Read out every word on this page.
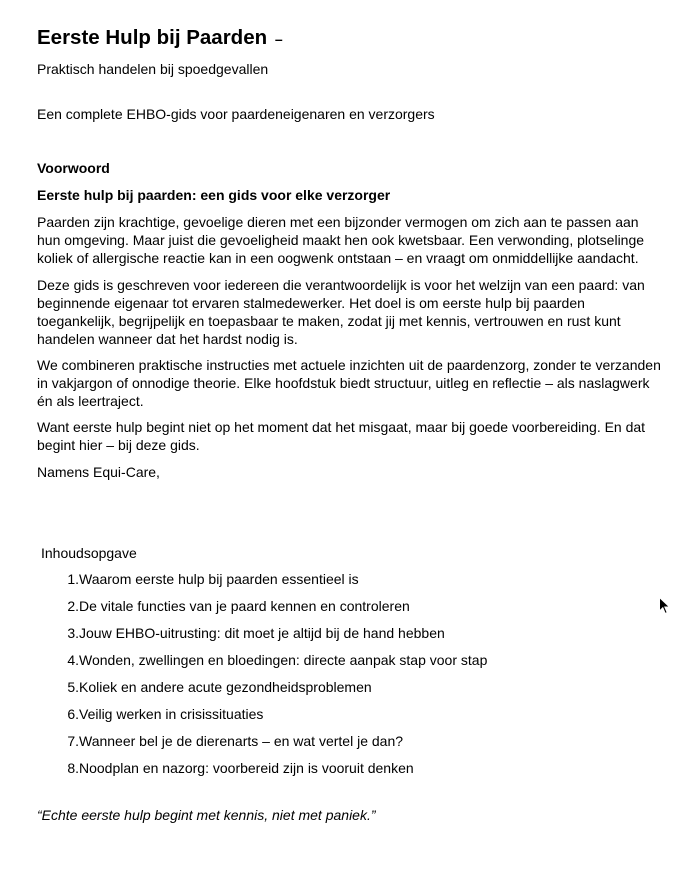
Eerste Hulp bij Paarden –
Praktisch handelen bij spoedgevallen
Een complete EHBO-gids voor paardeneigenaren en verzorgers
Voorwoord
Eerste hulp bij paarden: een gids voor elke verzorger

Paarden zijn krachtige, gevoelige dieren met een bijzonder vermogen om zich aan te passen aan hun omgeving. Maar juist die gevoeligheid maakt hen ook kwetsbaar. Een verwonding, plotselinge koliek of allergische reactie kan in een oogwenk ontstaan – en vraagt om onmiddellijke aandacht.

Deze gids is geschreven voor iedereen die verantwoordelijk is voor het welzijn van een paard: van beginnende eigenaar tot ervaren stalmedewerker. Het doel is om eerste hulp bij paarden toegankelijk, begrijpelijk en toepasbaar te maken, zodat jij met kennis, vertrouwen en rust kunt handelen wanneer dat het hardst nodig is.

We combineren praktische instructies met actuele inzichten uit de paardenzorg, zonder te verzanden in vakjargon of onnodige theorie. Elke hoofdstuk biedt structuur, uitleg en reflectie – als naslagwerk én als leertraject.

Want eerste hulp begint niet op het moment dat het misgaat, maar bij goede voorbereiding. En dat begint hier – bij deze gids.

Namens Equi-Care,
Inhoudsopgave
1. Waarom eerste hulp bij paarden essentieel is
2. De vitale functies van je paard kennen en controleren
3. Jouw EHBO-uitrusting: dit moet je altijd bij de hand hebben
4. Wonden, zwellingen en bloedingen: directe aanpak stap voor stap
5. Koliek en andere acute gezondheidsproblemen
6. Veilig werken in crisissituaties
7. Wanneer bel je de dierenarts – en wat vertel je dan?
8. Noodplan en nazorg: voorbereid zijn is vooruit denken
“Echte eerste hulp begint met kennis, niet met paniek.”
